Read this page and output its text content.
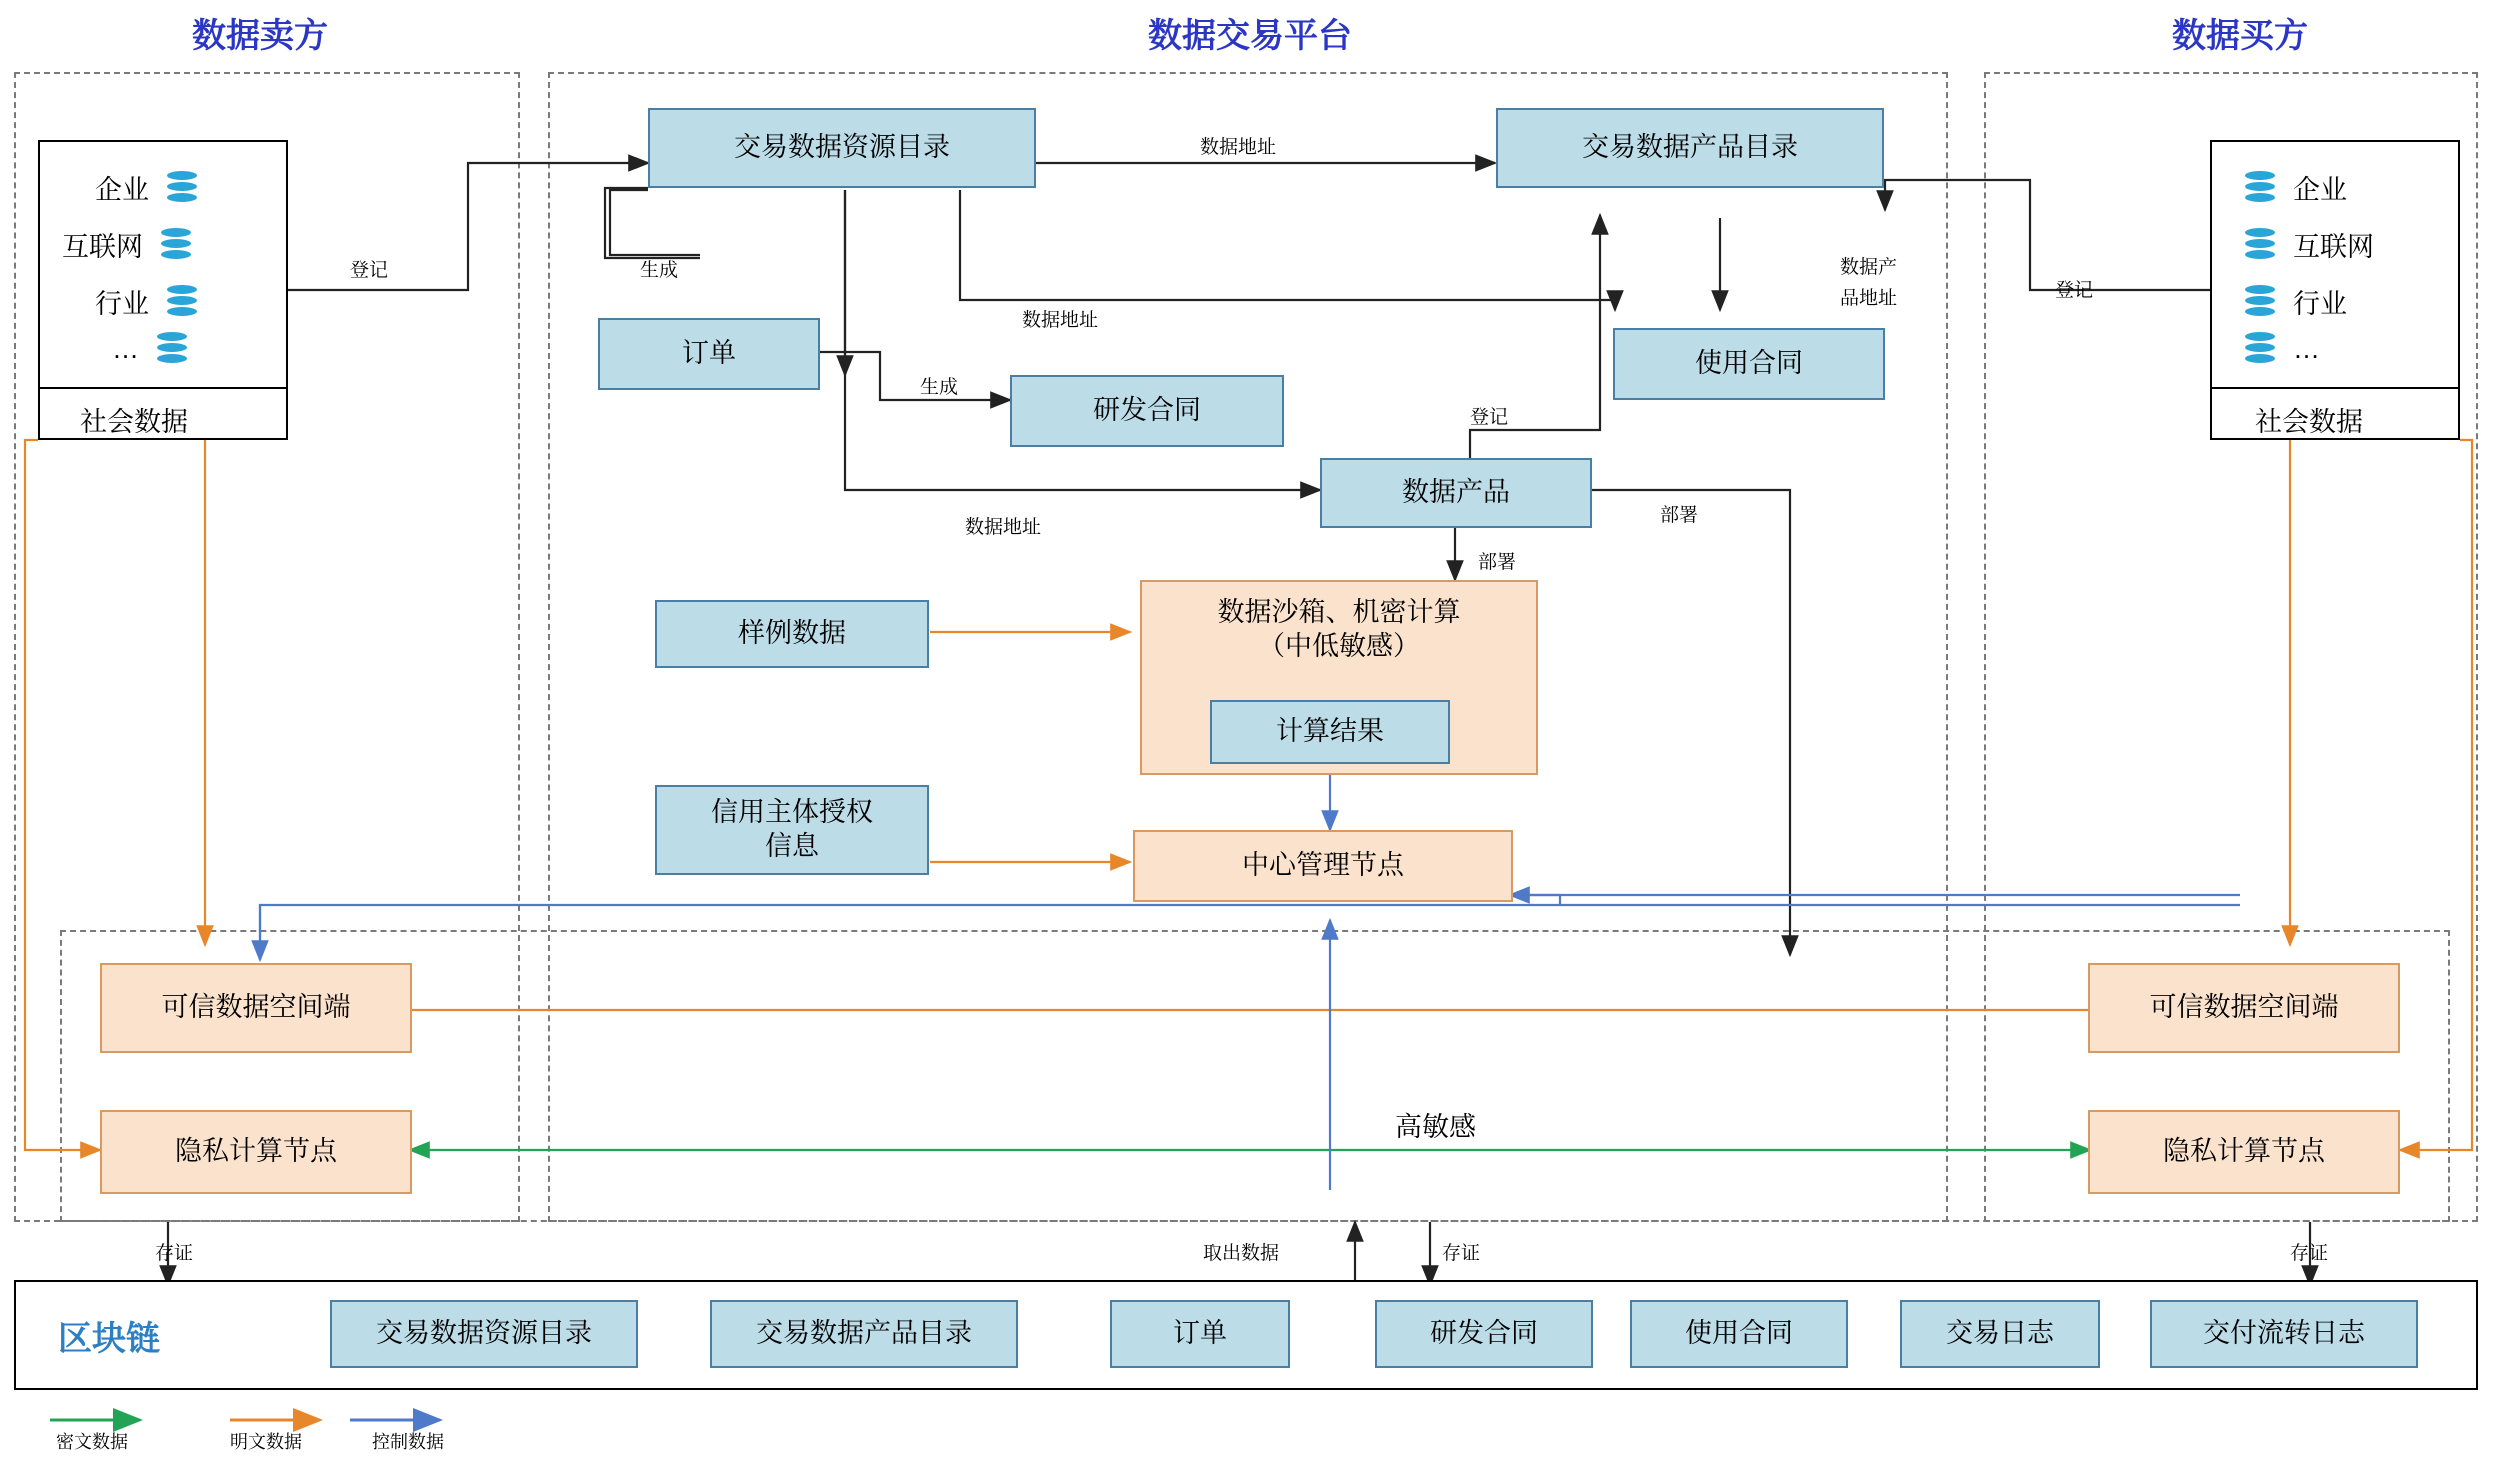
数据卖方	数据交易平台	数据买方
企业
互联网
行业
…
社会数据
企业
互联网
行业
…
社会数据
交易数据资源目录	交易数据产品目录
订单
研发合同
使用合同
数据产品
样例数据
数据沙箱、机密计算
（中低敏感）
计算结果
信用主体授权
信息
中心管理节点
可信数据空间端
隐私计算节点
可信数据空间端
隐私计算节点
高敏感
登记
登记
数据地址
数据地址
数据地址
数据产
品地址
生成
生成
登记
部署
部署
存证	存证	存证
取出数据
区块链	交易数据资源目录	交易数据产品目录	订单	研发合同	使用合同	交易日志	交付流转日志
密文数据	明文数据	控制数据
